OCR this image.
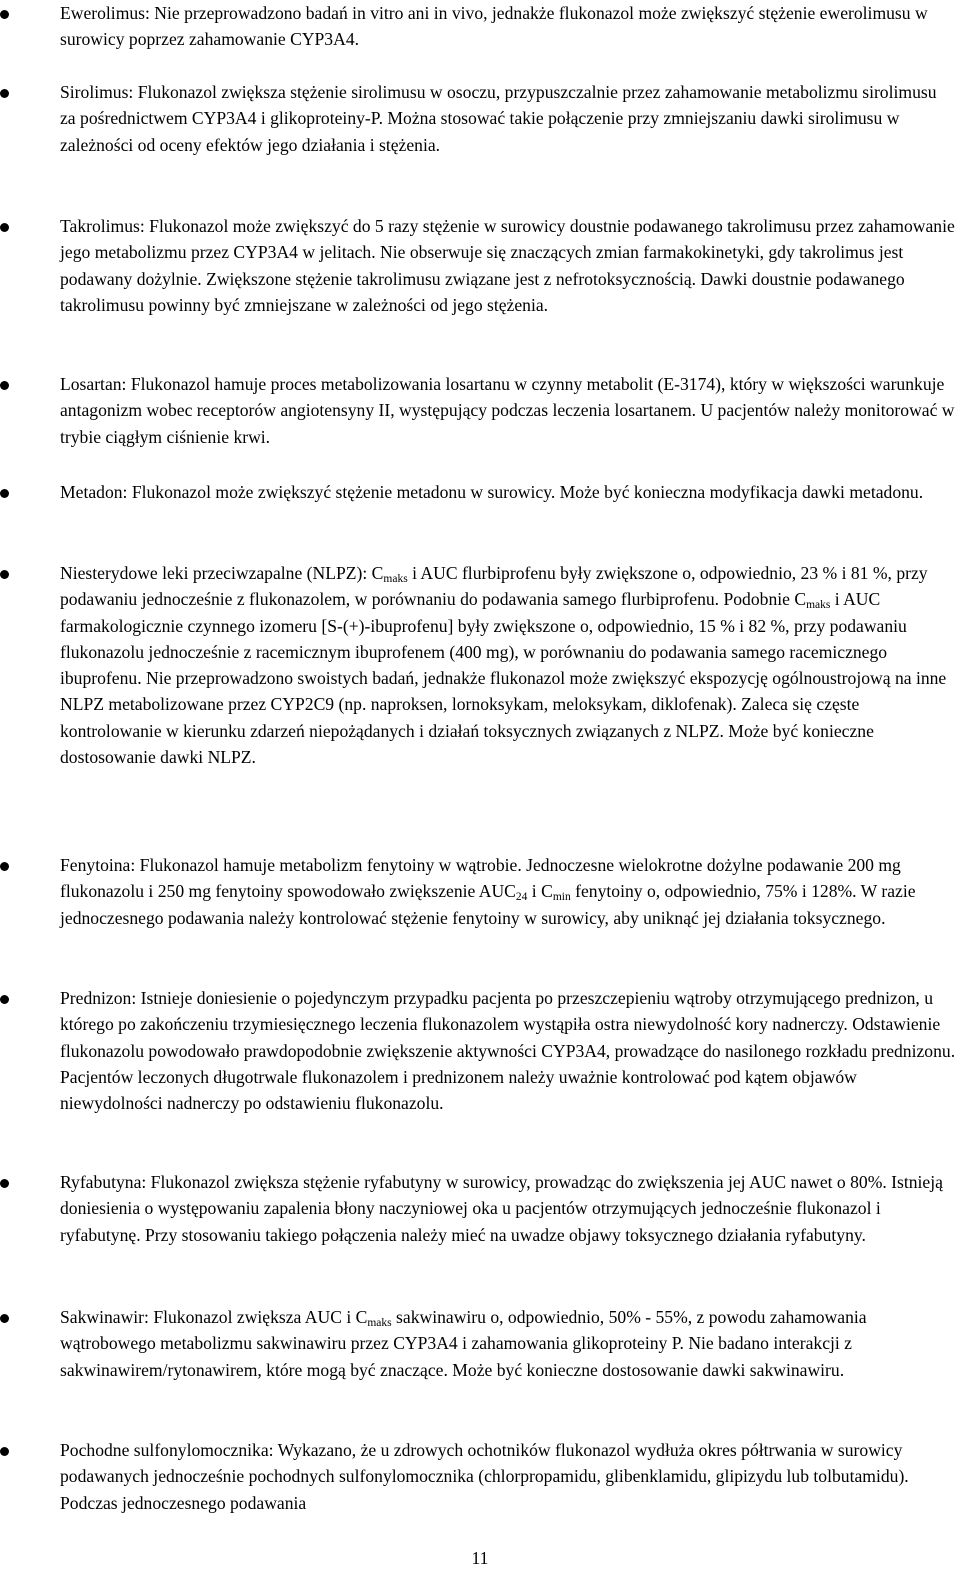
Ewerolimus: Nie przeprowadzono badań in vitro ani in vivo, jednakże flukonazol może zwiększyć stężenie ewerolimusu w surowicy poprzez zahamowanie CYP3A4.

Sirolimus: Flukonazol zwiększa stężenie sirolimusu w osoczu, przypuszczalnie przez zahamowanie metabolizmu sirolimusu za pośrednictwem CYP3A4 i glikoproteiny-P. Można stosować takie połączenie przy zmniejszaniu dawki sirolimusu w zależności od oceny efektów jego działania i stężenia.

Takrolimus: Flukonazol może zwiększyć do 5 razy stężenie w surowicy doustnie podawanego takrolimusu przez zahamowanie jego metabolizmu przez CYP3A4 w jelitach. Nie obserwuje się znaczących zmian farmakokinetyki, gdy takrolimus jest podawany dożylnie. Zwiększone stężenie takrolimusu związane jest z nefrotoksycznością. Dawki doustnie podawanego takrolimusu powinny być zmniejszane w zależności od jego stężenia.

Losartan: Flukonazol hamuje proces metabolizowania losartanu w czynny metabolit (E-3174), który w większości warunkuje antagonizm wobec receptorów angiotensyny II, występujący podczas leczenia losartanem. U pacjentów należy monitorować w trybie ciągłym ciśnienie krwi.

Metadon: Flukonazol może zwiększyć stężenie metadonu w surowicy. Może być konieczna modyfikacja dawki metadonu.

Niesterydowe leki przeciwzapalne (NLPZ): $C_{maks}$ i AUC flurbiprofenu były zwiększone o, odpowiednio, 23 % i 81 %, przy podawaniu jednocześnie z flukonazolem, w porównaniu do podawania samego flurbiprofenu. Podobnie $C_{maks}$ i AUC farmakologicznie czynnego izomeru [S-(+)-ibuprofenu] były zwiększone o, odpowiednio, 15 % i 82 %, przy podawaniu flukonazolu jednocześnie z racemicznym ibuprofenem (400 mg), w porównaniu do podawania samego racemicznego ibuprofenu. Nie przeprowadzono swoistych badań, jednakże flukonazol może zwiększyć ekspozycję ogólnoustrojową na inne NLPZ metabolizowane przez CYP2C9 (np. naproksen, lornoksykam, meloksykam, diklofenak). Zaleca się częste kontrolowanie w kierunku zdarzeń niepożądanych i działań toksycznych związanych z NLPZ. Może być konieczne dostosowanie dawki NLPZ.

Fenytoina: Flukonazol hamuje metabolizm fenytoiny w wątrobie. Jednoczesne wielokrotne dożylne podawanie 200 mg flukonazolu i 250 mg fenytoiny spowodowało zwiększenie $AUC_{24}$ i $C_{min}$ fenytoiny o, odpowiednio, 75% i 128%. W razie jednoczesnego podawania należy kontrolować stężenie fenytoiny w surowicy, aby uniknąć jej działania toksycznego.

Prednizon: Istnieje doniesienie o pojedynczym przypadku pacjenta po przeszczepieniu wątroby otrzymującego prednizon, u którego po zakończeniu trzymiesięcznego leczenia flukonazolem wystąpiła ostra niewydolność kory nadnerczy. Odstawienie flukonazolu powodowało prawdopodobnie zwiększenie aktywności CYP3A4, prowadzące do nasilonego rozkładu prednizonu. Pacjentów leczonych długotrwale flukonazolem i prednizonem należy uważnie kontrolować pod kątem objawów niewydolności nadnerczy po odstawieniu flukonazolu.

Ryfabutyna: Flukonazol zwiększa stężenie ryfabutyny w surowicy, prowadząc do zwiększenia jej AUC nawet o 80%. Istnieją doniesienia o występowaniu zapalenia błony naczyniowej oka u pacjentów otrzymujących jednocześnie flukonazol i ryfabutynę. Przy stosowaniu takiego połączenia należy mieć na uwadze objawy toksycznego działania ryfabutyny.

Sakwinawir: Flukonazol zwiększa AUC i $C_{maks}$ sakwinawiru o, odpowiednio, 50% - 55%, z powodu zahamowania wątrobowego metabolizmu sakwinawiru przez CYP3A4 i zahamowania glikoproteiny P. Nie badano interakcji z sakwinawirem/rytonawirem, które mogą być znaczące. Może być konieczne dostosowanie dawki sakwinawiru.

Pochodne sulfonylomocznika: Wykazano, że u zdrowych ochotników flukonazol wydłuża okres półtrwania w surowicy podawanych jednocześnie pochodnych sulfonylomocznika (chlorpropamidu, glibenklamidu, glipizydu lub tolbutamidu). Podczas jednoczesnego podawania

11
